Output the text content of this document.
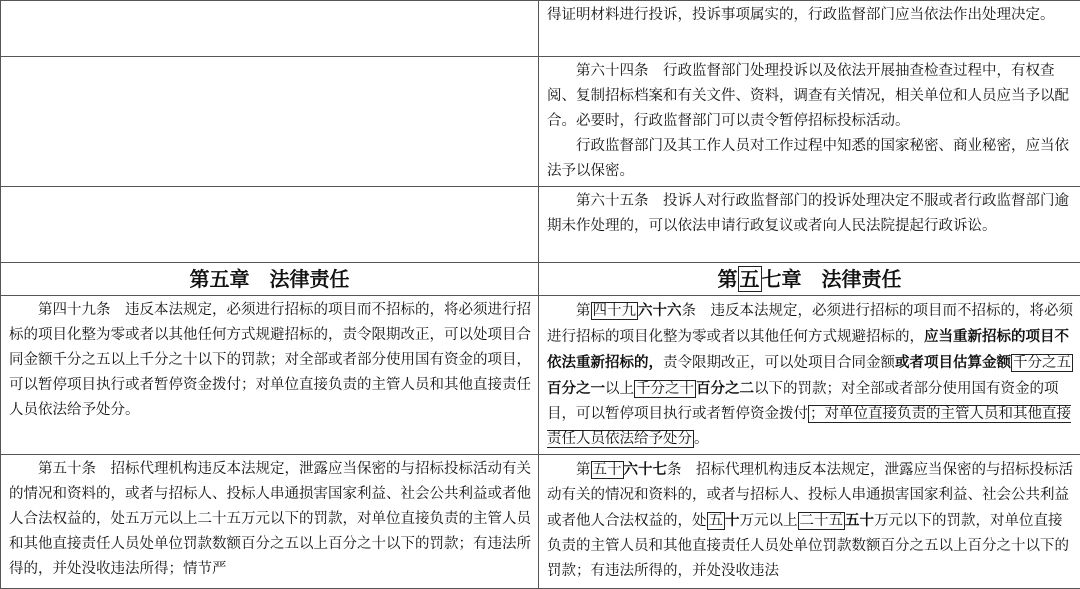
	得证明材料进行投诉，投诉事项属实的，行政监督部门应当依法作出处理决定。

	第六十四条　行政监督部门处理投诉以及依法开展抽查检查过程中，有权查阅、复制招标档案和有关文件、资料，调查有关情况，相关单位和人员应当予以配合。必要时，行政监督部门可以责令暂停招标投标活动。

行政监督部门及其工作人员对工作过程中知悉的国家秘密、商业秘密，应当依法予以保密。

	第六十五条　投诉人对行政监督部门的投诉处理决定不服或者行政监督部门逾期未作处理的，可以依法申请行政复议或者向人民法院提起行政诉讼。

第五章　法律责任	第 五 七章　法律责任

第四十九条　违反本法规定，必须进行招标的项目而不招标的，将必须进行招标的项目化整为零或者以其他任何方式规避招标的，责令限期改正，可以处项目合同金额千分之五以上千分之十以下的罚款；对全部或者部分使用国有资金的项目，可以暂停项目执行或者暂停资金拨付；对单位直接负责的主管人员和其他直接责任人员依法给予处分。	第 四十九 六十六条　违反本法规定，必须进行招标的项目而不招标的，将必须进行招标的项目化整为零或者以其他任何方式规避招标的，应当重新招标的项目不依法重新招标的，责令限期改正，可以处项目合同金额或者项目估算金额 千分之五百分之一以上 千分之十 百分之二以下的罚款；对全部或者部分使用国有资金的项目，可以暂停项目执行或者暂停资金拨付 ；对单位直接负责的主管人员和其他直接责任人员依法给予处分 。

第五十条　招标代理机构违反本法规定，泄露应当保密的与招标投标活动有关的情况和资料的，或者与招标人、投标人串通损害国家利益、社会公共利益或者他人合法权益的，处五万元以上二十五万元以下的罚款，对单位直接负责的主管人员和其他直接责任人员处单位罚款数额百分之五以上百分之十以下的罚款；有违法所得的，并处没收违法所得；情节严	第 五十 六十七条　招标代理机构违反本法规定，泄露应当保密的与招标投标活动有关的情况和资料的，或者与招标人、投标人串通损害国家利益、社会公共利益或者他人合法权益的，处 五 十万元以上 二十五 五十万元以下的罚款，对单位直接负责的主管人员和其他直接责任人员处单位罚款数额百分之五以上百分之十以下的罚款；有违法所得的，并处没收违法
